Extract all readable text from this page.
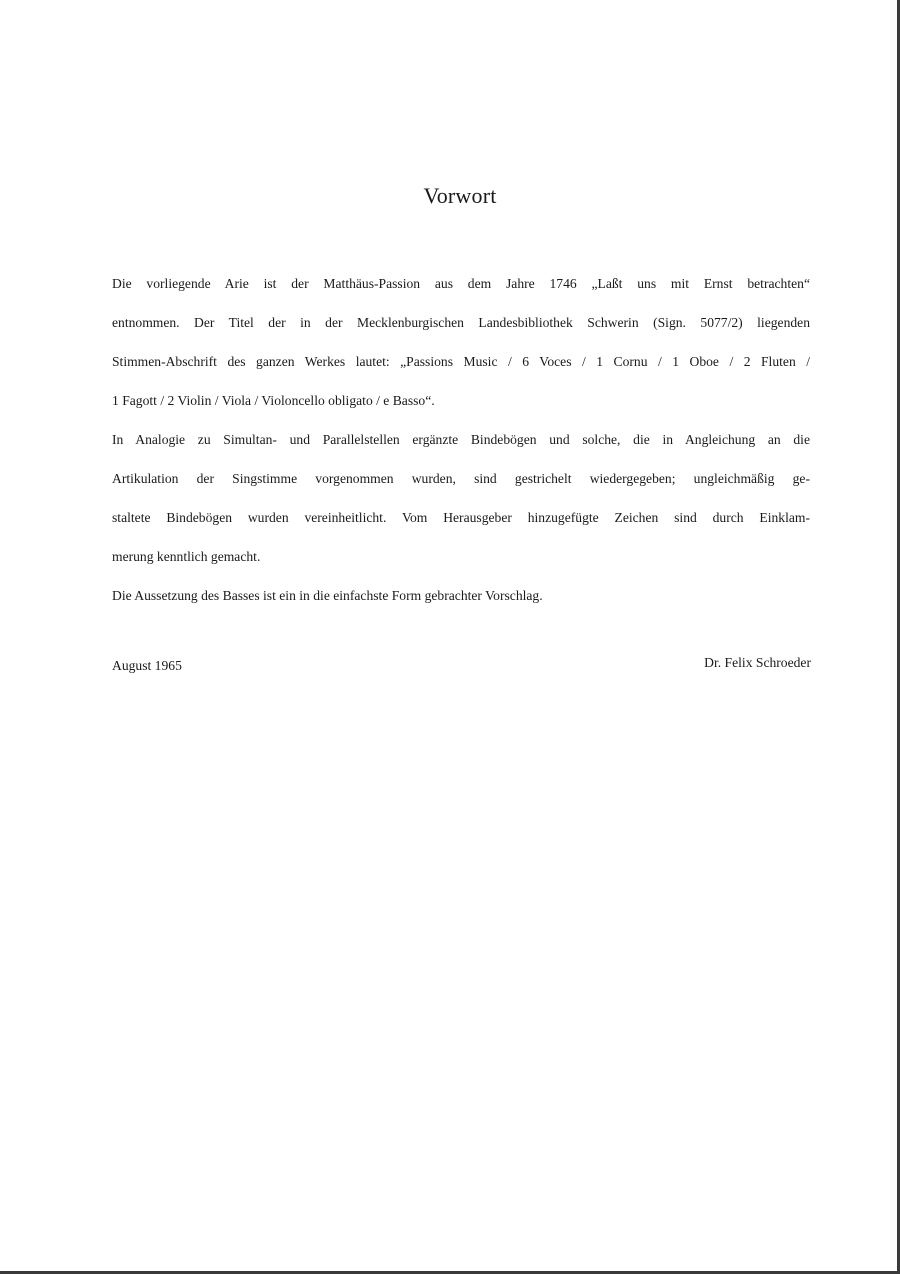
Vorwort
Die vorliegende Arie ist der Matthäus-Passion aus dem Jahre 1746 „Laßt uns mit Ernst betrachten“
entnommen. Der Titel der in der Mecklenburgischen Landesbibliothek Schwerin (Sign. 5077/2) liegenden
Stimmen-Abschrift des ganzen Werkes lautet: „Passions Music / 6 Voces / 1 Cornu / 1 Oboe / 2 Fluten /
1 Fagott / 2 Violin / Viola / Violoncello obligato / e Basso“.
In Analogie zu Simultan- und Parallelstellen ergänzte Bindebögen und solche, die in Angleichung an die
Artikulation der Singstimme vorgenommen wurden, sind gestrichelt wiedergegeben; ungleichmäßig ge-
staltete Bindebögen wurden vereinheitlicht. Vom Herausgeber hinzugefügte Zeichen sind durch Einklam-
merung kenntlich gemacht.
Die Aussetzung des Basses ist ein in die einfachste Form gebrachter Vorschlag.
August 1965	Dr. Felix Schroeder
